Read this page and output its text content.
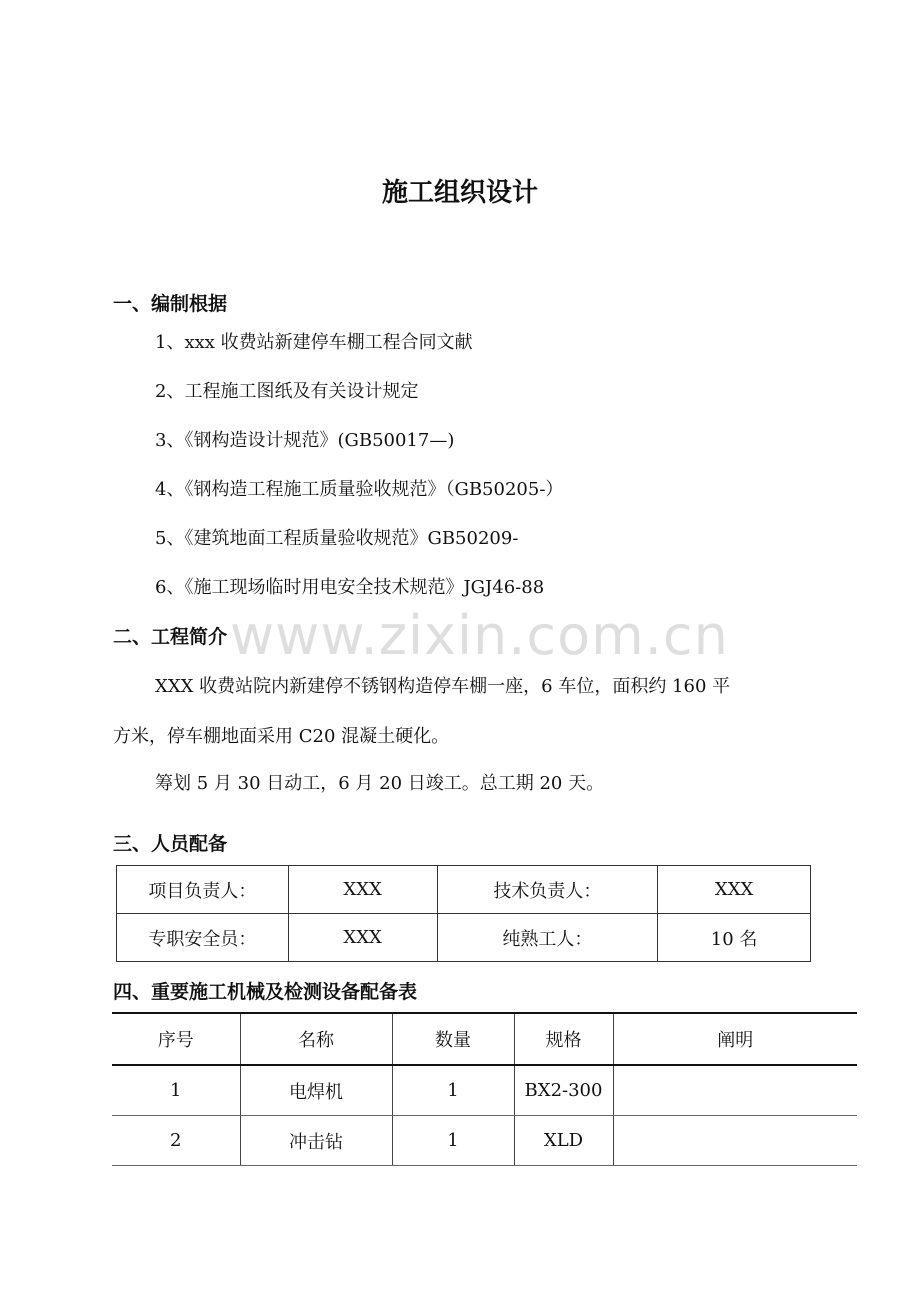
施工组织设计
一、编制根据
1、xxx 收费站新建停车棚工程合同文献
2、工程施工图纸及有关设计规定
3、《钢构造设计规范》(GB50017—)
4、《钢构造工程施工质量验收规范》（GB50205-）
5、《建筑地面工程质量验收规范》GB50209-
6、《施工现场临时用电安全技术规范》JGJ46-88
二、工程简介
XXX 收费站院内新建停不锈钢构造停车棚一座，6 车位，面积约 160 平
方米，停车棚地面采用 C20 混凝土硬化。
筹划 5 月 30 日动工，6 月 20 日竣工。总工期 20 天。
www.zixin.com.cn
三、人员配备
项目负责人：	XXX	技术负责人：	XXX
专职安全员：	XXX	纯熟工人：	10 名
四、重要施工机械及检测设备配备表
序号	名称	数量	规格	阐明
1	电焊机	1	BX2-300	
2	冲击钻	1	XLD	
